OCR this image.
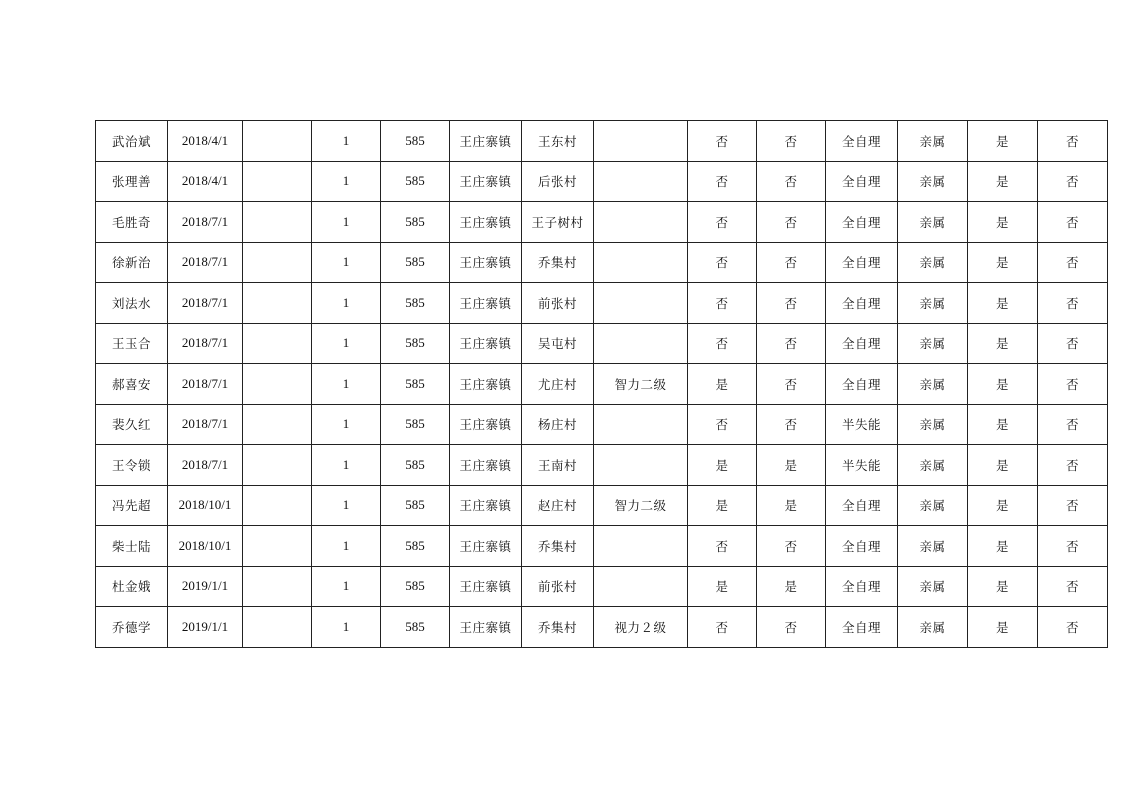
武治斌	2018/4/1		1	585	王庄寨镇	王东村		否	否	全自理	亲属	是	否
张理善	2018/4/1		1	585	王庄寨镇	后张村		否	否	全自理	亲属	是	否
毛胜奇	2018/7/1		1	585	王庄寨镇	王子树村		否	否	全自理	亲属	是	否
徐新治	2018/7/1		1	585	王庄寨镇	乔集村		否	否	全自理	亲属	是	否
刘法水	2018/7/1		1	585	王庄寨镇	前张村		否	否	全自理	亲属	是	否
王玉合	2018/7/1		1	585	王庄寨镇	吴屯村		否	否	全自理	亲属	是	否
郝喜安	2018/7/1		1	585	王庄寨镇	尤庄村	智力二级	是	否	全自理	亲属	是	否
裴久红	2018/7/1		1	585	王庄寨镇	杨庄村		否	否	半失能	亲属	是	否
王令锁	2018/7/1		1	585	王庄寨镇	王南村		是	是	半失能	亲属	是	否
冯先超	2018/10/1		1	585	王庄寨镇	赵庄村	智力二级	是	是	全自理	亲属	是	否
柴士陆	2018/10/1		1	585	王庄寨镇	乔集村		否	否	全自理	亲属	是	否
杜金娥	2019/1/1		1	585	王庄寨镇	前张村		是	是	全自理	亲属	是	否
乔德学	2019/1/1		1	585	王庄寨镇	乔集村	视力２级	否	否	全自理	亲属	是	否
